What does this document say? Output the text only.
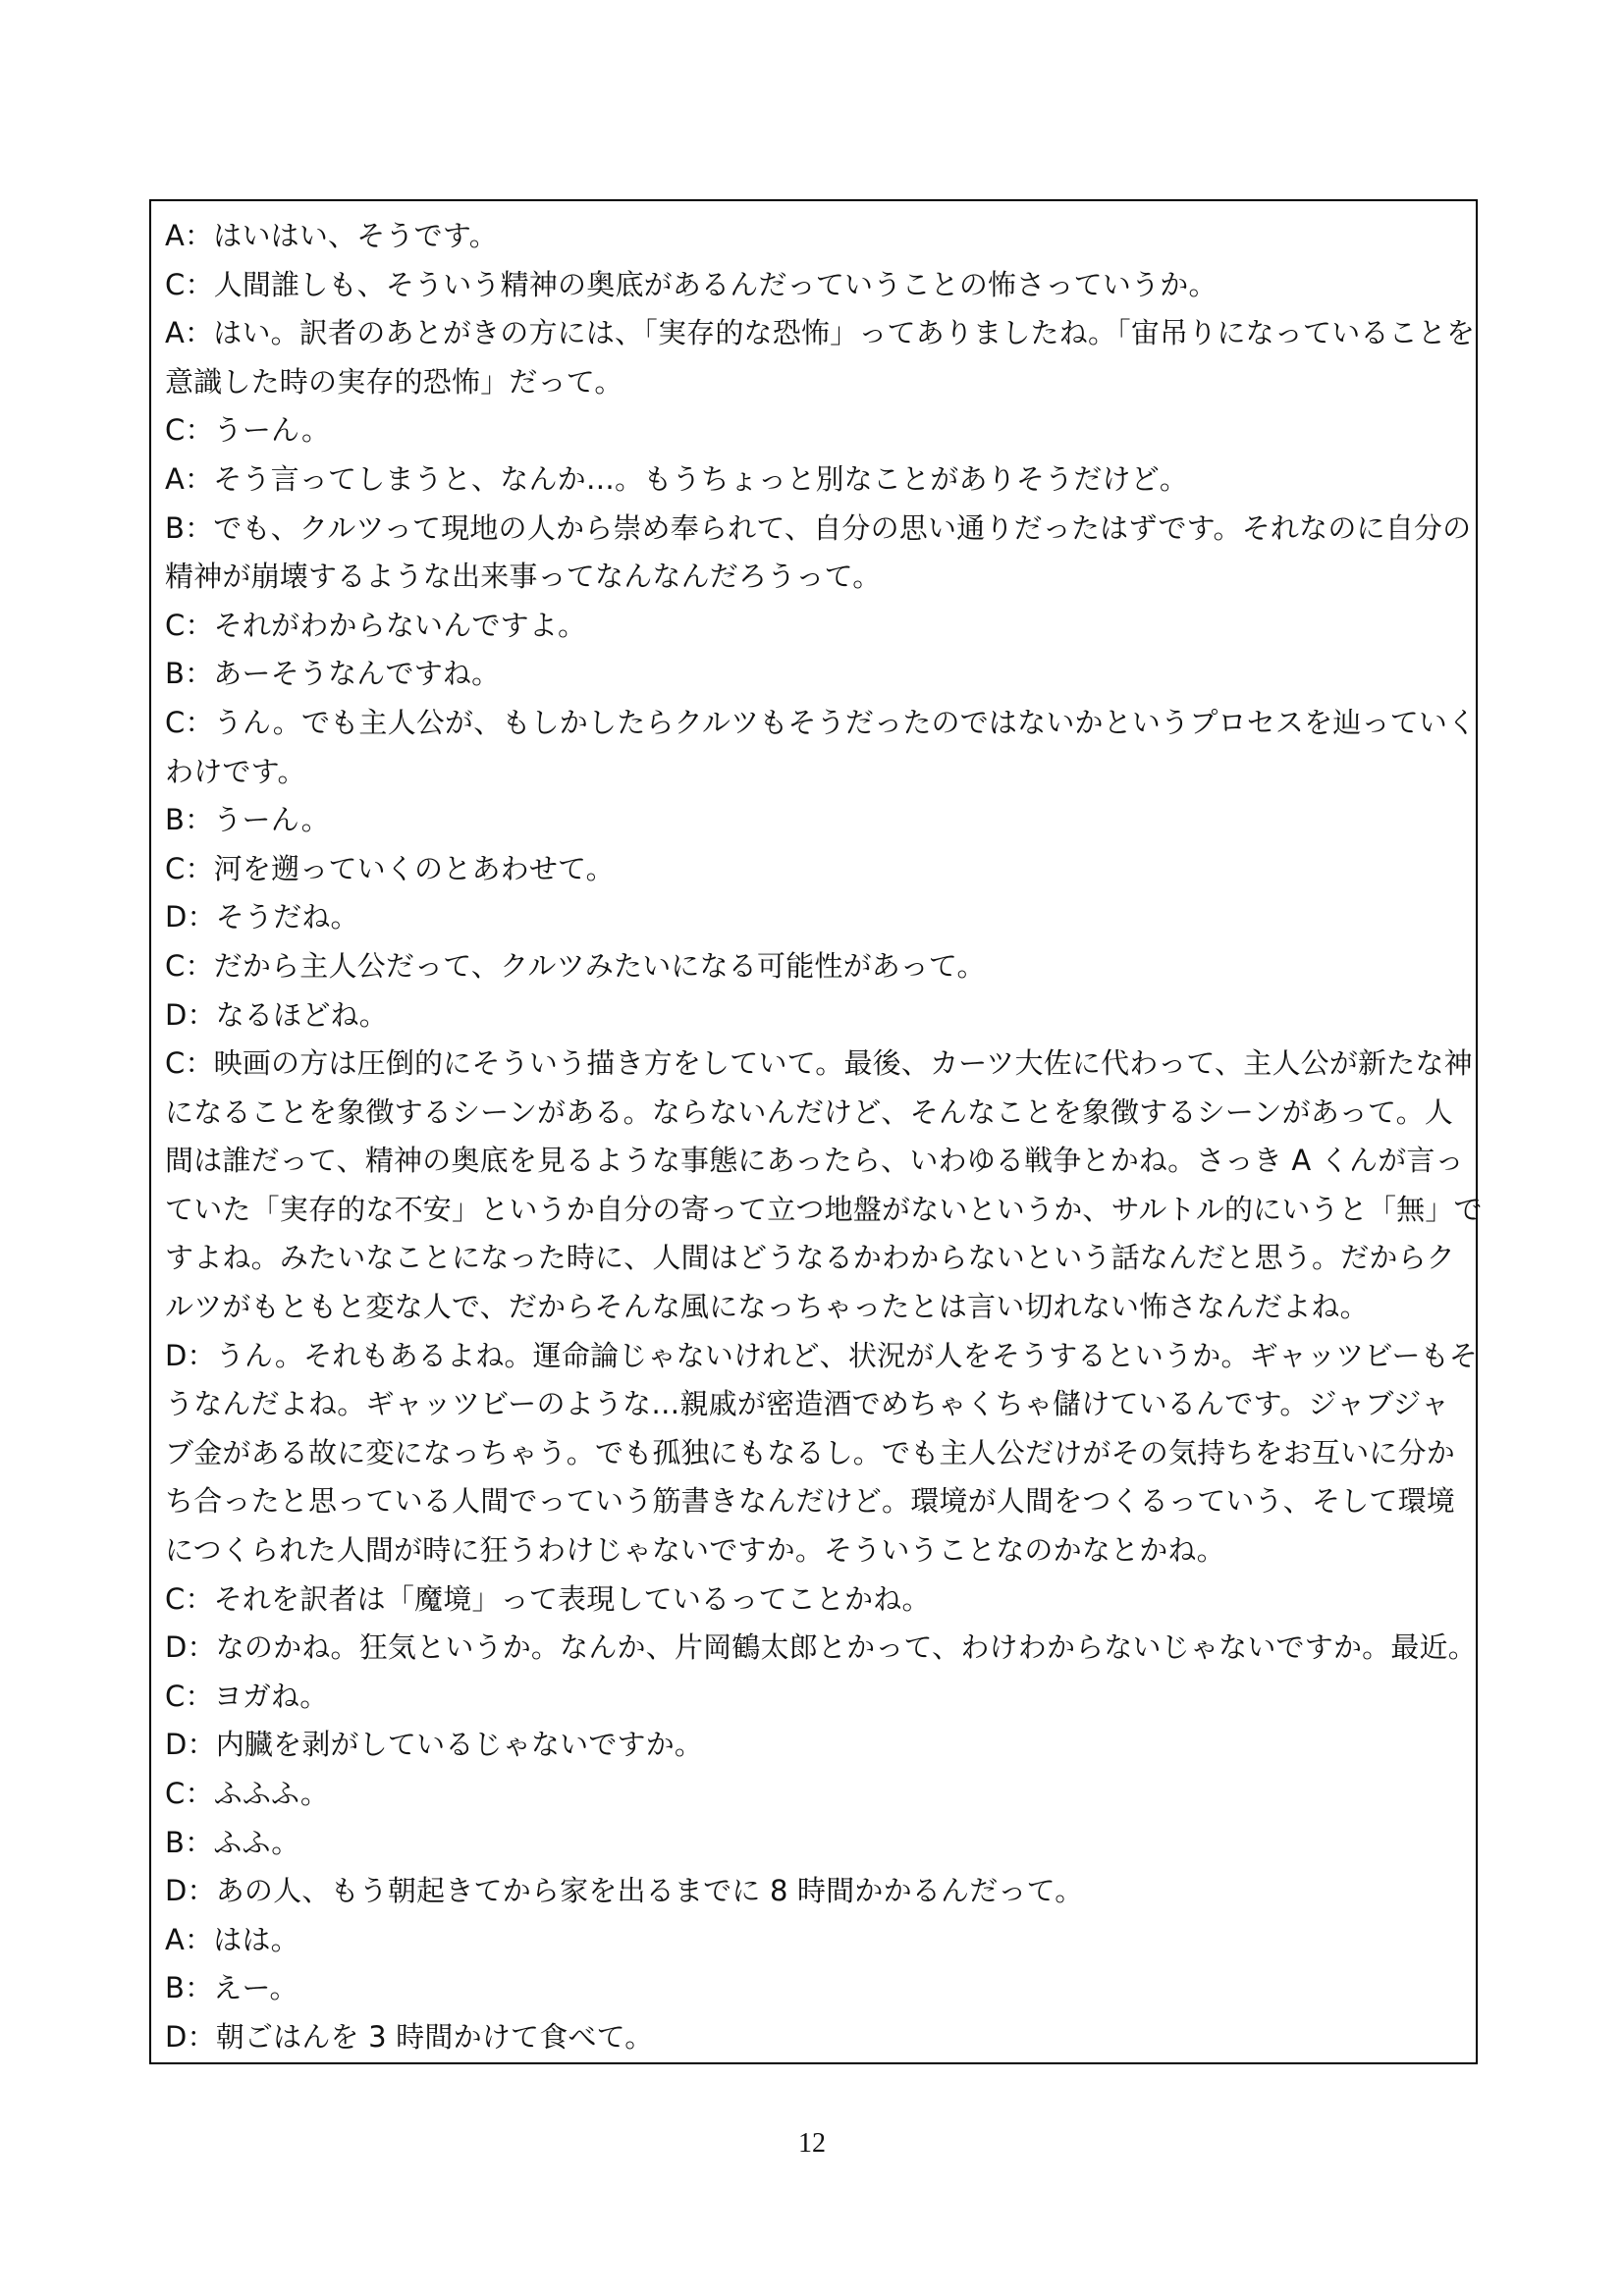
A：はいはい、そうです。
C：人間誰しも、そういう精神の奥底があるんだっていうことの怖さっていうか。
A：はい。訳者のあとがきの方には、「実存的な恐怖」ってありましたね。「宙吊りになっていることを
意識した時の実存的恐怖」だって。
C：うーん。
A：そう言ってしまうと、なんか…。もうちょっと別なことがありそうだけど。
B：でも、クルツって現地の人から崇め奉られて、自分の思い通りだったはずです。それなのに自分の
精神が崩壊するような出来事ってなんなんだろうって。
C：それがわからないんですよ。
B：あーそうなんですね。
C：うん。でも主人公が、もしかしたらクルツもそうだったのではないかというプロセスを辿っていく
わけです。
B：うーん。
C：河を遡っていくのとあわせて。
D：そうだね。
C：だから主人公だって、クルツみたいになる可能性があって。
D：なるほどね。
C：映画の方は圧倒的にそういう描き方をしていて。最後、カーツ大佐に代わって、主人公が新たな神
になることを象徴するシーンがある。ならないんだけど、そんなことを象徴するシーンがあって。人
間は誰だって、精神の奥底を見るような事態にあったら、いわゆる戦争とかね。さっき A くんが言っ
ていた「実存的な不安」というか自分の寄って立つ地盤がないというか、サルトル的にいうと「無」で
すよね。みたいなことになった時に、人間はどうなるかわからないという話なんだと思う。だからク
ルツがもともと変な人で、だからそんな風になっちゃったとは言い切れない怖さなんだよね。
D：うん。それもあるよね。運命論じゃないけれど、状況が人をそうするというか。ギャッツビーもそ
うなんだよね。ギャッツビーのような…親戚が密造酒でめちゃくちゃ儲けているんです。ジャブジャ
ブ金がある故に変になっちゃう。でも孤独にもなるし。でも主人公だけがその気持ちをお互いに分か
ち合ったと思っている人間でっていう筋書きなんだけど。環境が人間をつくるっていう、そして環境
につくられた人間が時に狂うわけじゃないですか。そういうことなのかなとかね。
C：それを訳者は「魔境」って表現しているってことかね。
D：なのかね。狂気というか。なんか、片岡鶴太郎とかって、わけわからないじゃないですか。最近。
C：ヨガね。
D：内臓を剥がしているじゃないですか。
C：ふふふ。
B：ふふ。
D：あの人、もう朝起きてから家を出るまでに 8 時間かかるんだって。
A：はは。
B：えー。
D：朝ごはんを 3 時間かけて食べて。
12
